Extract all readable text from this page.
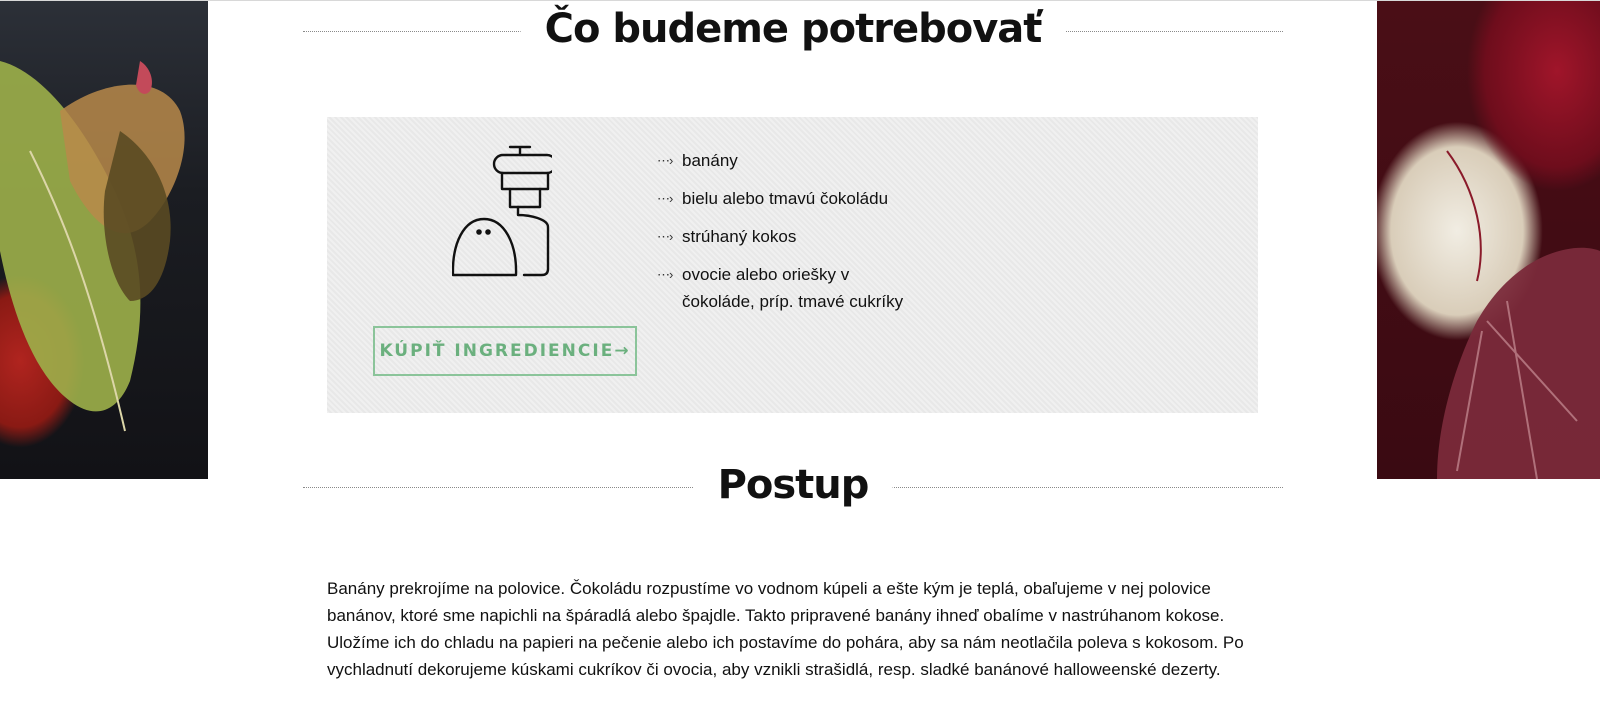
Čo budeme potrebovať
KÚPIŤ INGREDIENCIE→
⋯› banány
⋯› bielu alebo tmavú čokoládu
⋯› strúhaný kokos
⋯› ovocie alebo oriešky v čokoláde, príp. tmavé cukríky
Postup

Banány prekrojíme na polovice. Čokoládu rozpustíme vo vodnom kúpeli a ešte kým je teplá, obaľujeme v nej polovice banánov, ktoré sme napichli na špáradlá alebo špajdle. Takto pripravené banány ihneď obalíme v nastrúhanom kokose. Uložíme ich do chladu na papieri na pečenie alebo ich postavíme do pohára, aby sa nám neotlačila poleva s kokosom. Po vychladnutí dekorujeme kúskami cukríkov či ovocia, aby vznikli strašidlá, resp. sladké banánové halloweenské dezerty.
